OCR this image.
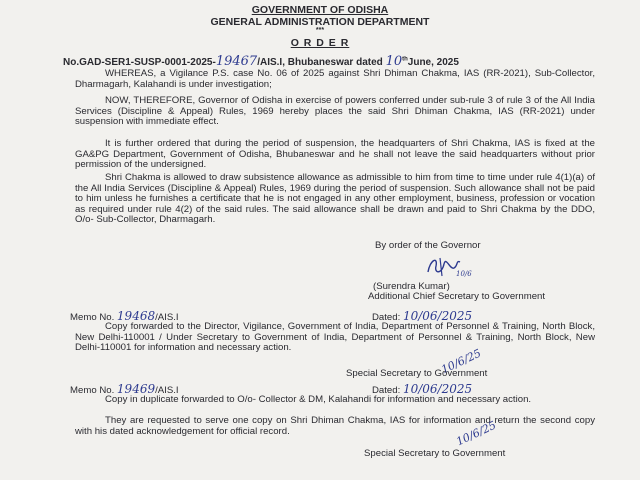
GOVERNMENT OF ODISHA
GENERAL ADMINISTRATION DEPARTMENT
***
O R D E R
No.GAD-SER1-SUSP-0001-2025-19467/AIS.I, Bhubaneswar dated 10thJune, 2025
WHEREAS, a Vigilance P.S. case No. 06 of 2025 against Shri Dhiman Chakma, IAS (RR-2021), Sub-Collector, Dharmagarh, Kalahandi is under investigation;
NOW, THEREFORE, Governor of Odisha in exercise of powers conferred under sub-rule 3 of rule 3 of the All India Services (Discipline & Appeal) Rules, 1969 hereby places the said Shri Dhiman Chakma, IAS (RR-2021) under suspension with immediate effect.
It is further ordered that during the period of suspension, the headquarters of Shri Chakma, IAS is fixed at the GA&PG Department, Government of Odisha, Bhubaneswar and he shall not leave the said headquarters without prior permission of the undersigned.
Shri Chakma is allowed to draw subsistence allowance as admissible to him from time to time under rule 4(1)(a) of the All India Services (Discipline & Appeal) Rules, 1969 during the period of suspension. Such allowance shall not be paid to him unless he furnishes a certificate that he is not engaged in any other employment, business, profession or vocation as required under rule 4(2) of the said rules. The said allowance shall be drawn and paid to Shri Chakma by the DDO, O/o- Sub-Collector, Dharmagarh.
By order of the Governor
10/6
(Surendra Kumar)
Additional Chief Secretary to Government
Memo No. 19468/AIS.I	Dated: 10/06/2025
Copy forwarded to the Director, Vigilance, Government of India, Department of Personnel & Training, North Block, New Delhi-110001 / Under Secretary to Government of India, Department of Personnel & Training, North Block, New Delhi-110001 for information and necessary action.	10/6/25
Special Secretary to Government
Memo No. 19469/AIS.I	Dated: 10/06/2025
Copy in duplicate forwarded to O/o- Collector & DM, Kalahandi for information and necessary action.
They are requested to serve one copy on Shri Dhiman Chakma, IAS for information and return the second copy with his dated acknowledgement for official record.	10/6/25
Special Secretary to Government
